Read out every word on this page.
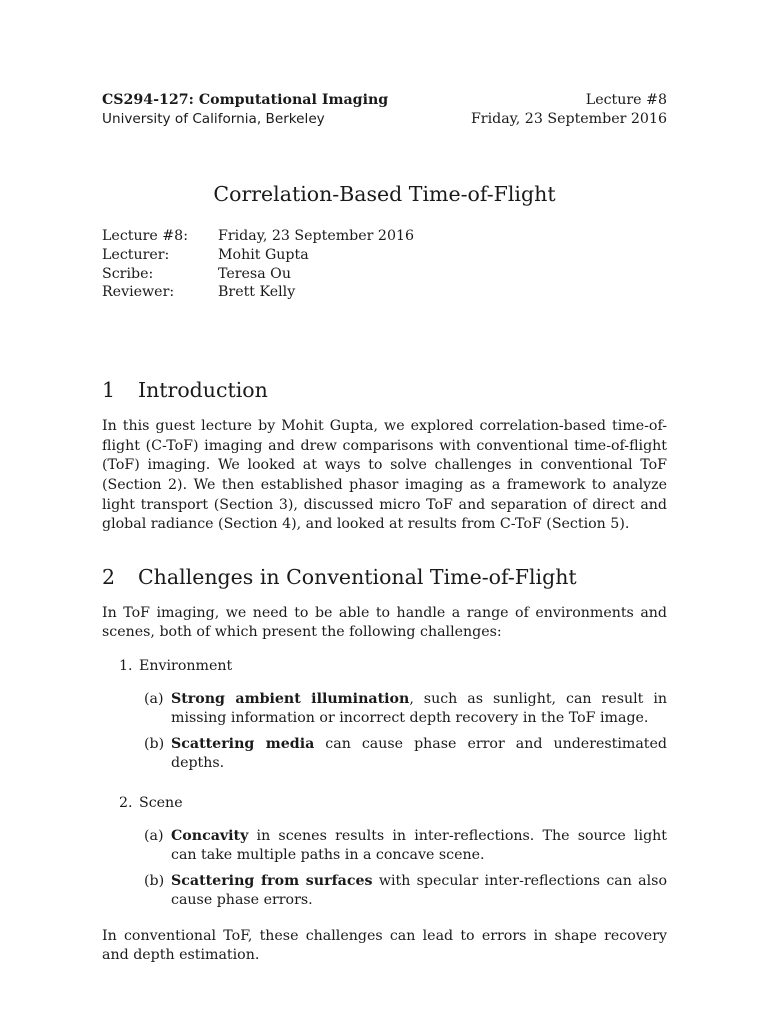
CS294-127: Computational Imaging
University of California, Berkeley
Lecture #8
Friday, 23 September 2016
Correlation-Based Time-of-Flight
Lecture #8:	Friday, 23 September 2016
Lecturer:	Mohit Gupta
Scribe:	Teresa Ou
Reviewer:	Brett Kelly
1	Introduction

In this guest lecture by Mohit Gupta, we explored correlation-based time-of-flight (C-ToF) imaging and drew comparisons with conventional time-of-flight (ToF) imaging. We looked at ways to solve challenges in conventional ToF (Section 2). We then established phasor imaging as a framework to analyze light transport (Section 3), discussed micro ToF and separation of direct and global radiance (Section 4), and looked at results from C-ToF (Section 5).

2	Challenges in Conventional Time-of-Flight

In ToF imaging, we need to be able to handle a range of environments and scenes, both of which present the following challenges:

1. Environment
(a) Strong ambient illumination, such as sunlight, can result in missing information or incorrect depth recovery in the ToF image.
(b) Scattering media can cause phase error and underestimated depths.
2. Scene
(a) Concavity in scenes results in inter-reflections. The source light can take multiple paths in a concave scene.
(b) Scattering from surfaces with specular inter-reflections can also cause phase errors.

In conventional ToF, these challenges can lead to errors in shape recovery and depth estimation.
